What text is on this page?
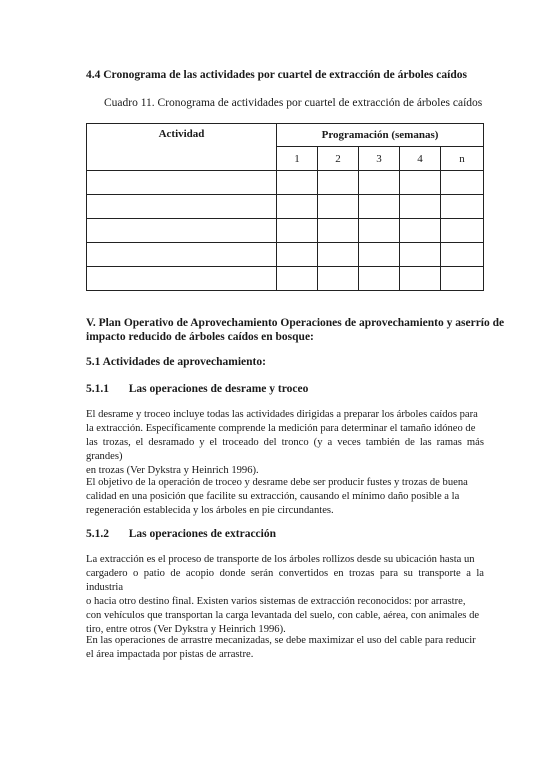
4.4 Cronograma de las actividades por cuartel de extracción de árboles caídos
Cuadro 11. Cronograma de actividades por cuartel de extracción de árboles caídos
Actividad	Programación (semanas)				
	1	2	3	4	n

V. Plan Operativo de Aprovechamiento Operaciones de aprovechamiento y aserrío de
impacto reducido de árboles caídos en bosque:
5.1 Actividades de aprovechamiento:
5.1.1 Las operaciones de desrame y troceo
El desrame y troceo incluye todas las actividades dirigidas a preparar los árboles caídos para
la extracción. Específicamente comprende la medición para determinar el tamaño idóneo de
las trozas, el desramado y el troceado del tronco (y a veces también de las ramas más grandes)
en trozas (Ver Dykstra y Heinrich 1996).
El objetivo de la operación de troceo y desrame debe ser producir fustes y trozas de buena
calidad en una posición que facilite su extracción, causando el mínimo daño posible a la
regeneración establecida y los árboles en pie circundantes.
5.1.2 Las operaciones de extracción
La extracción es el proceso de transporte de los árboles rollizos desde su ubicación hasta un
cargadero o patio de acopio donde serán convertidos en trozas para su transporte a la industria
o hacia otro destino final. Existen varios sistemas de extracción reconocidos: por arrastre,
con vehículos que transportan la carga levantada del suelo, con cable, aérea, con animales de
tiro, entre otros (Ver Dykstra y Heinrich 1996).
En las operaciones de arrastre mecanizadas, se debe maximizar el uso del cable para reducir
el área impactada por pistas de arrastre.
